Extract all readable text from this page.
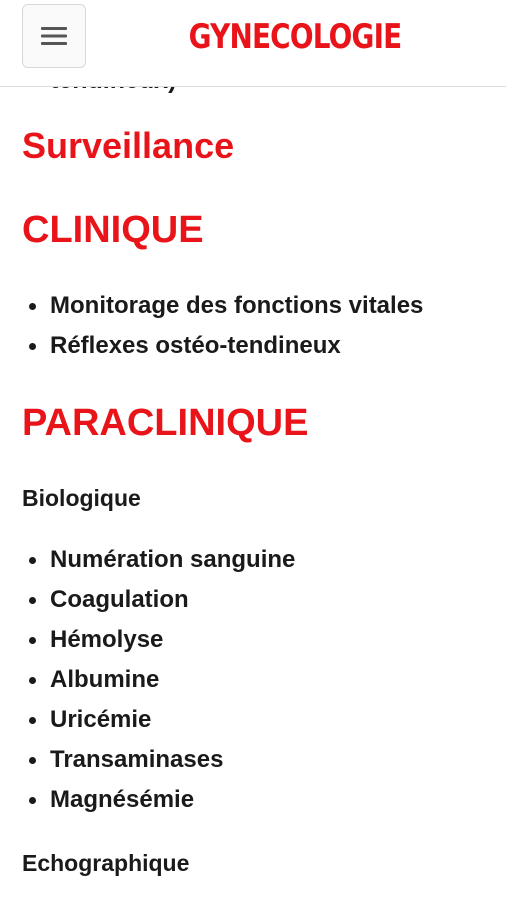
Surveillance
CLINIQUE
Monitorage des fonctions vitales
Réflexes ostéo-tendineux
PARACLINIQUE
Biologique
Numération sanguine
Coagulation
Hémolyse
Albumine
Uricémie
Transaminases
Magnésémie
Echographique
GYNECOLOGIE
